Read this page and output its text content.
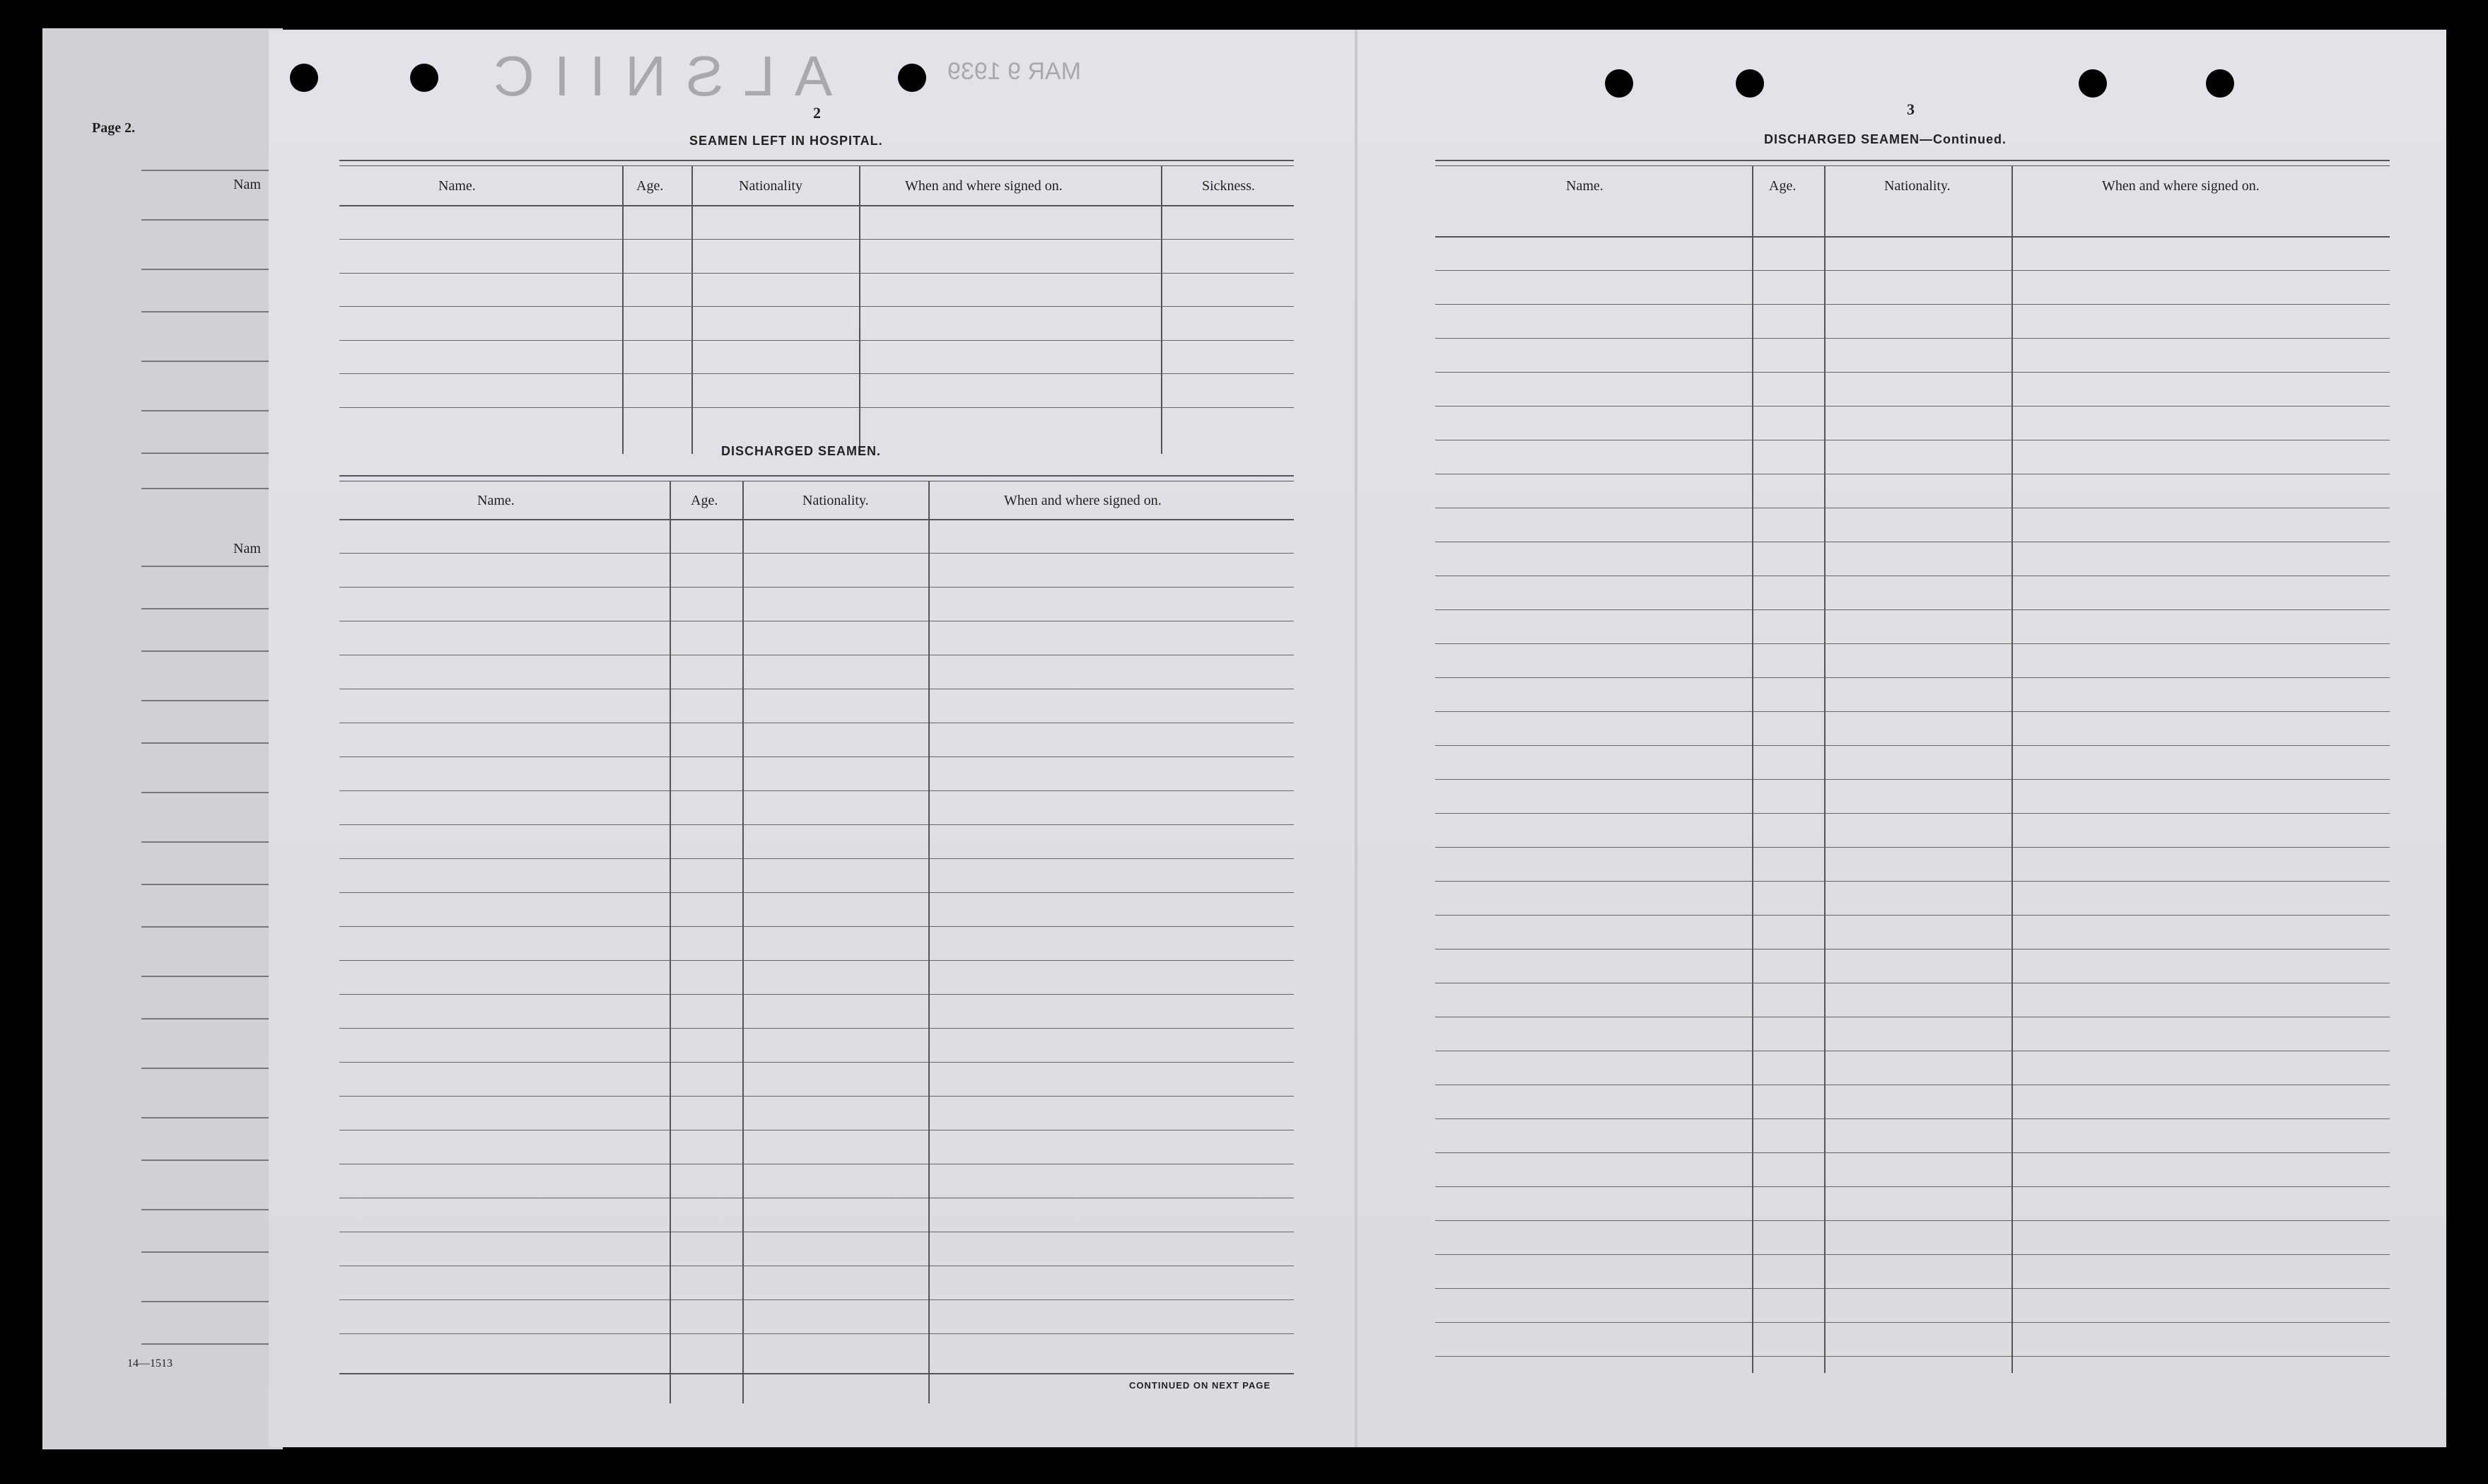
Page 2.
Nam
Nam
14—1513
ALSNIIC	MAR 9 1939
2
SEAMEN LEFT IN HOSPITAL.
Name.	Age.	Nationality	When and where signed on.	Sickness.
DISCHARGED SEAMEN.
Name.	Age.	Nationality.	When and where signed on.
CONTINUED ON NEXT PAGE
3
DISCHARGED SEAMEN—Continued.
Name.	Age.	Nationality.	When and where signed on.
